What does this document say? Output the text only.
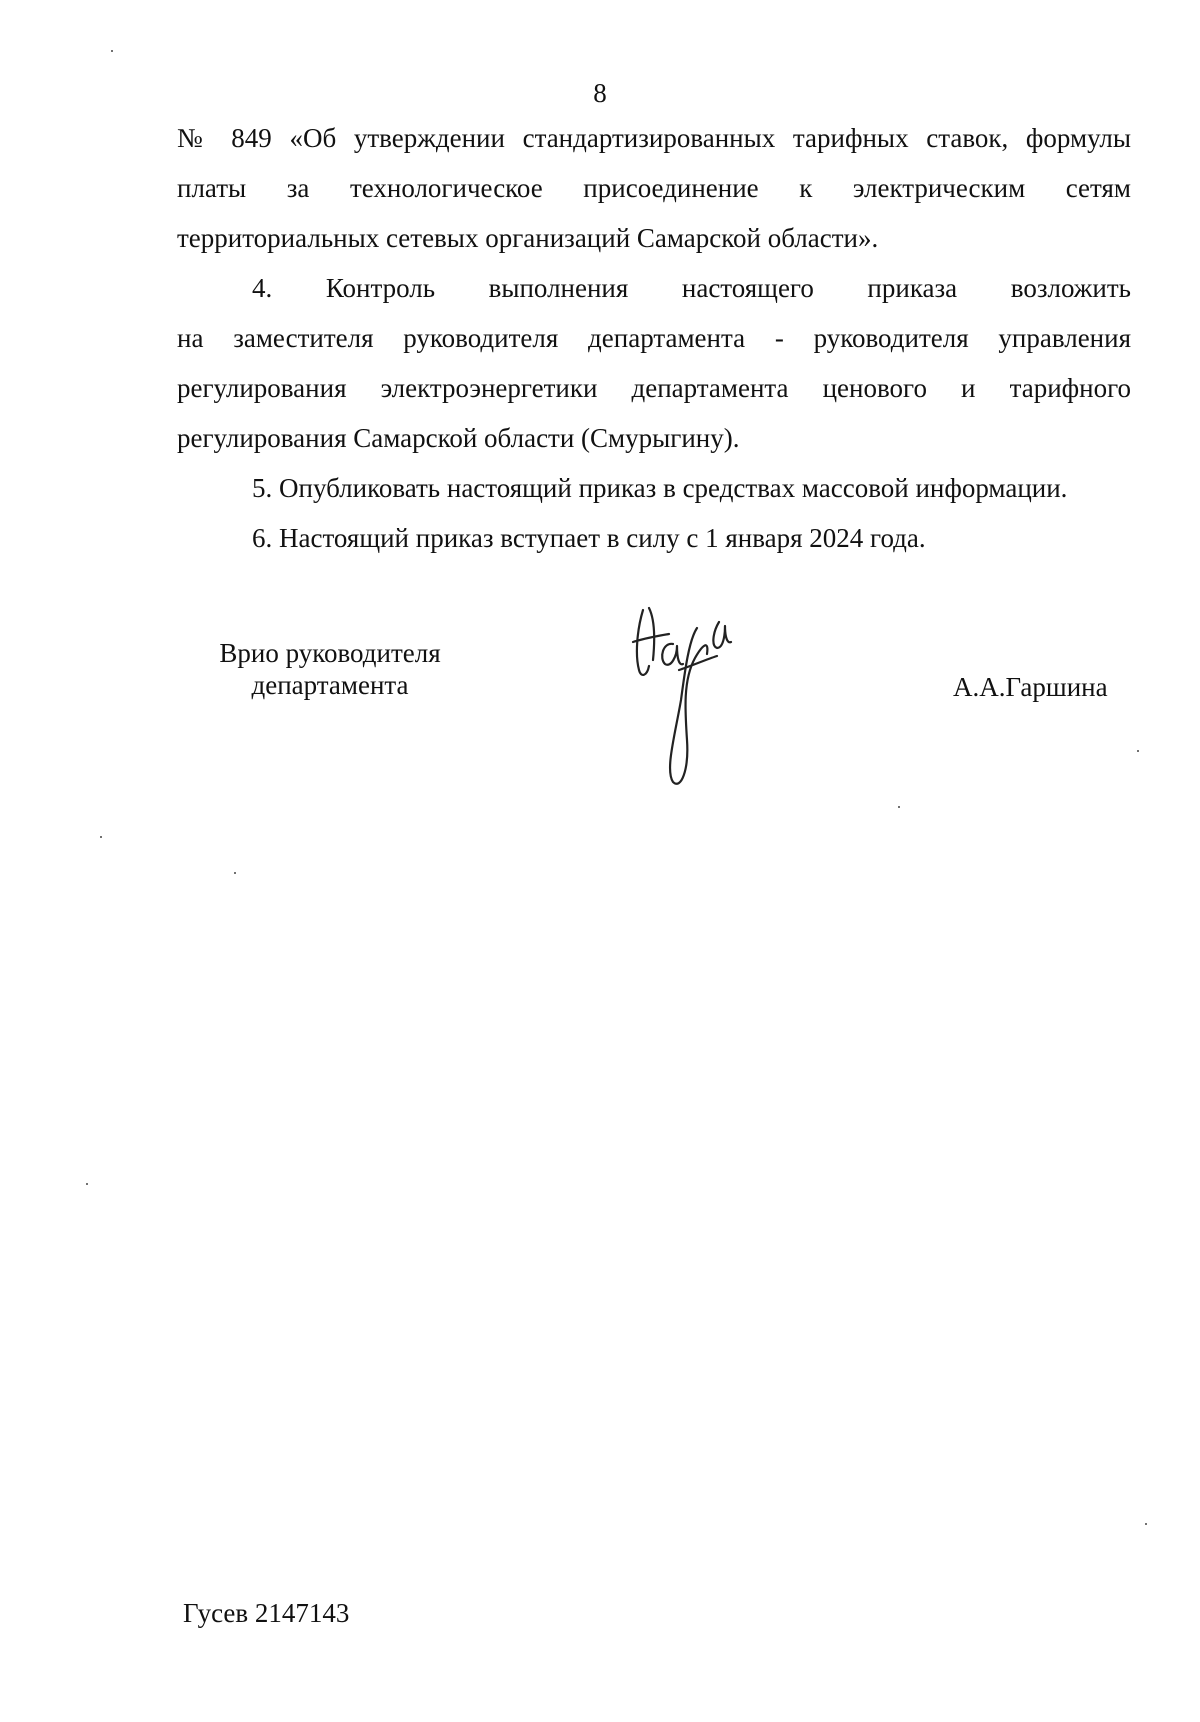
8
№ 849 «Об утверждении стандартизированных тарифных ставок, формулы
платы за технологическое присоединение к электрическим сетям
территориальных сетевых организаций Самарской области».
4. Контроль выполнения настоящего приказа возложить
на заместителя руководителя департамента - руководителя управления
регулирования электроэнергетики департамента ценового и тарифного
регулирования Самарской области (Смурыгину).
5. Опубликовать настоящий приказ в средствах массовой информации.
6. Настоящий приказ вступает в силу с 1 января 2024 года.
Врио руководителя
департамента	А.А.Гаршина
Гусев 2147143
